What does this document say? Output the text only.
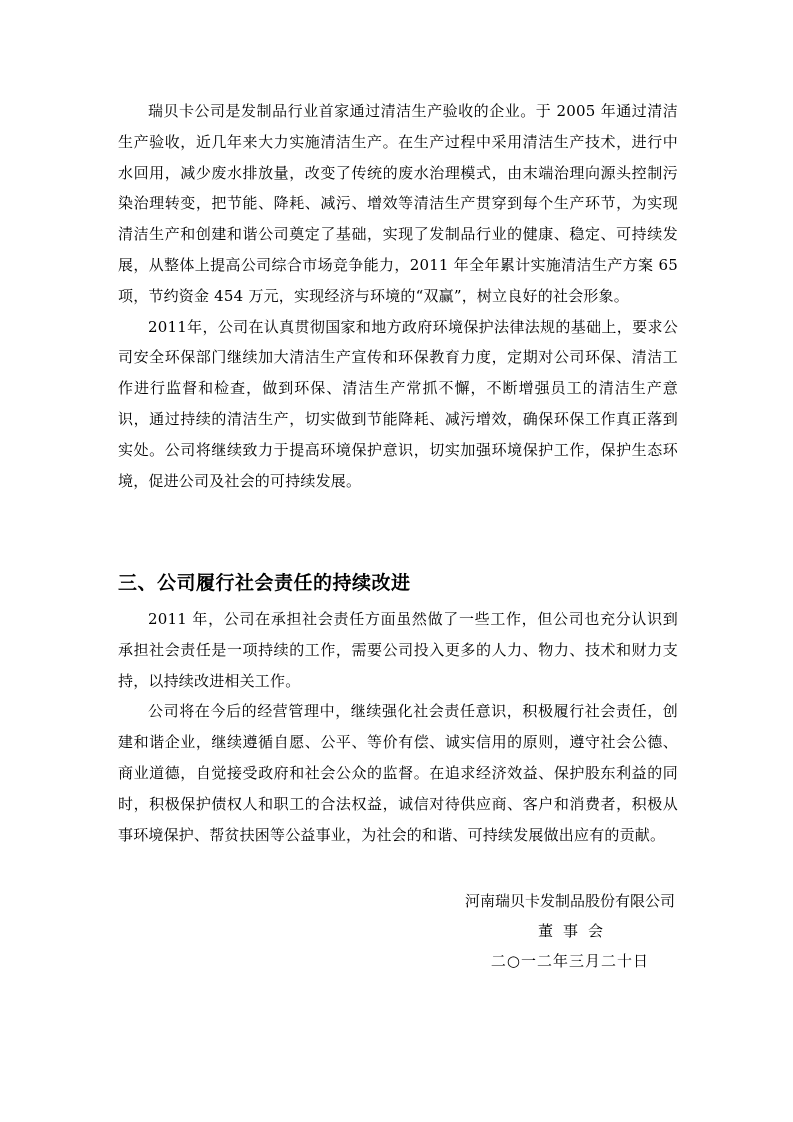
瑞贝卡公司是发制品行业首家通过清洁生产验收的企业。于 2005 年通过清洁生产验收，近几年来大力实施清洁生产。在生产过程中采用清洁生产技术，进行中水回用，减少废水排放量，改变了传统的废水治理模式，由末端治理向源头控制污染治理转变，把节能、降耗、减污、增效等清洁生产贯穿到每个生产环节，为实现清洁生产和创建和谐公司奠定了基础，实现了发制品行业的健康、稳定、可持续发展，从整体上提高公司综合市场竞争能力，2011 年全年累计实施清洁生产方案 65 项，节约资金 454 万元，实现经济与环境的“双赢”，树立良好的社会形象。

2011年，公司在认真贯彻国家和地方政府环境保护法律法规的基础上，要求公司安全环保部门继续加大清洁生产宣传和环保教育力度，定期对公司环保、清洁工作进行监督和检查，做到环保、清洁生产常抓不懈，不断增强员工的清洁生产意识，通过持续的清洁生产，切实做到节能降耗、减污增效，确保环保工作真正落到实处。公司将继续致力于提高环境保护意识，切实加强环境保护工作，保护生态环境，促进公司及社会的可持续发展。

三、公司履行社会责任的持续改进

2011 年，公司在承担社会责任方面虽然做了一些工作，但公司也充分认识到承担社会责任是一项持续的工作，需要公司投入更多的人力、物力、技术和财力支持，以持续改进相关工作。

公司将在今后的经营管理中，继续强化社会责任意识，积极履行社会责任，创建和谐企业，继续遵循自愿、公平、等价有偿、诚实信用的原则，遵守社会公德、商业道德，自觉接受政府和社会公众的监督。在追求经济效益、保护股东利益的同时，积极保护债权人和职工的合法权益，诚信对待供应商、客户和消费者，积极从事环境保护、帮贫扶困等公益事业，为社会的和谐、可持续发展做出应有的贡献。

河南瑞贝卡发制品股份有限公司

董事会

二○一二年三月二十日
